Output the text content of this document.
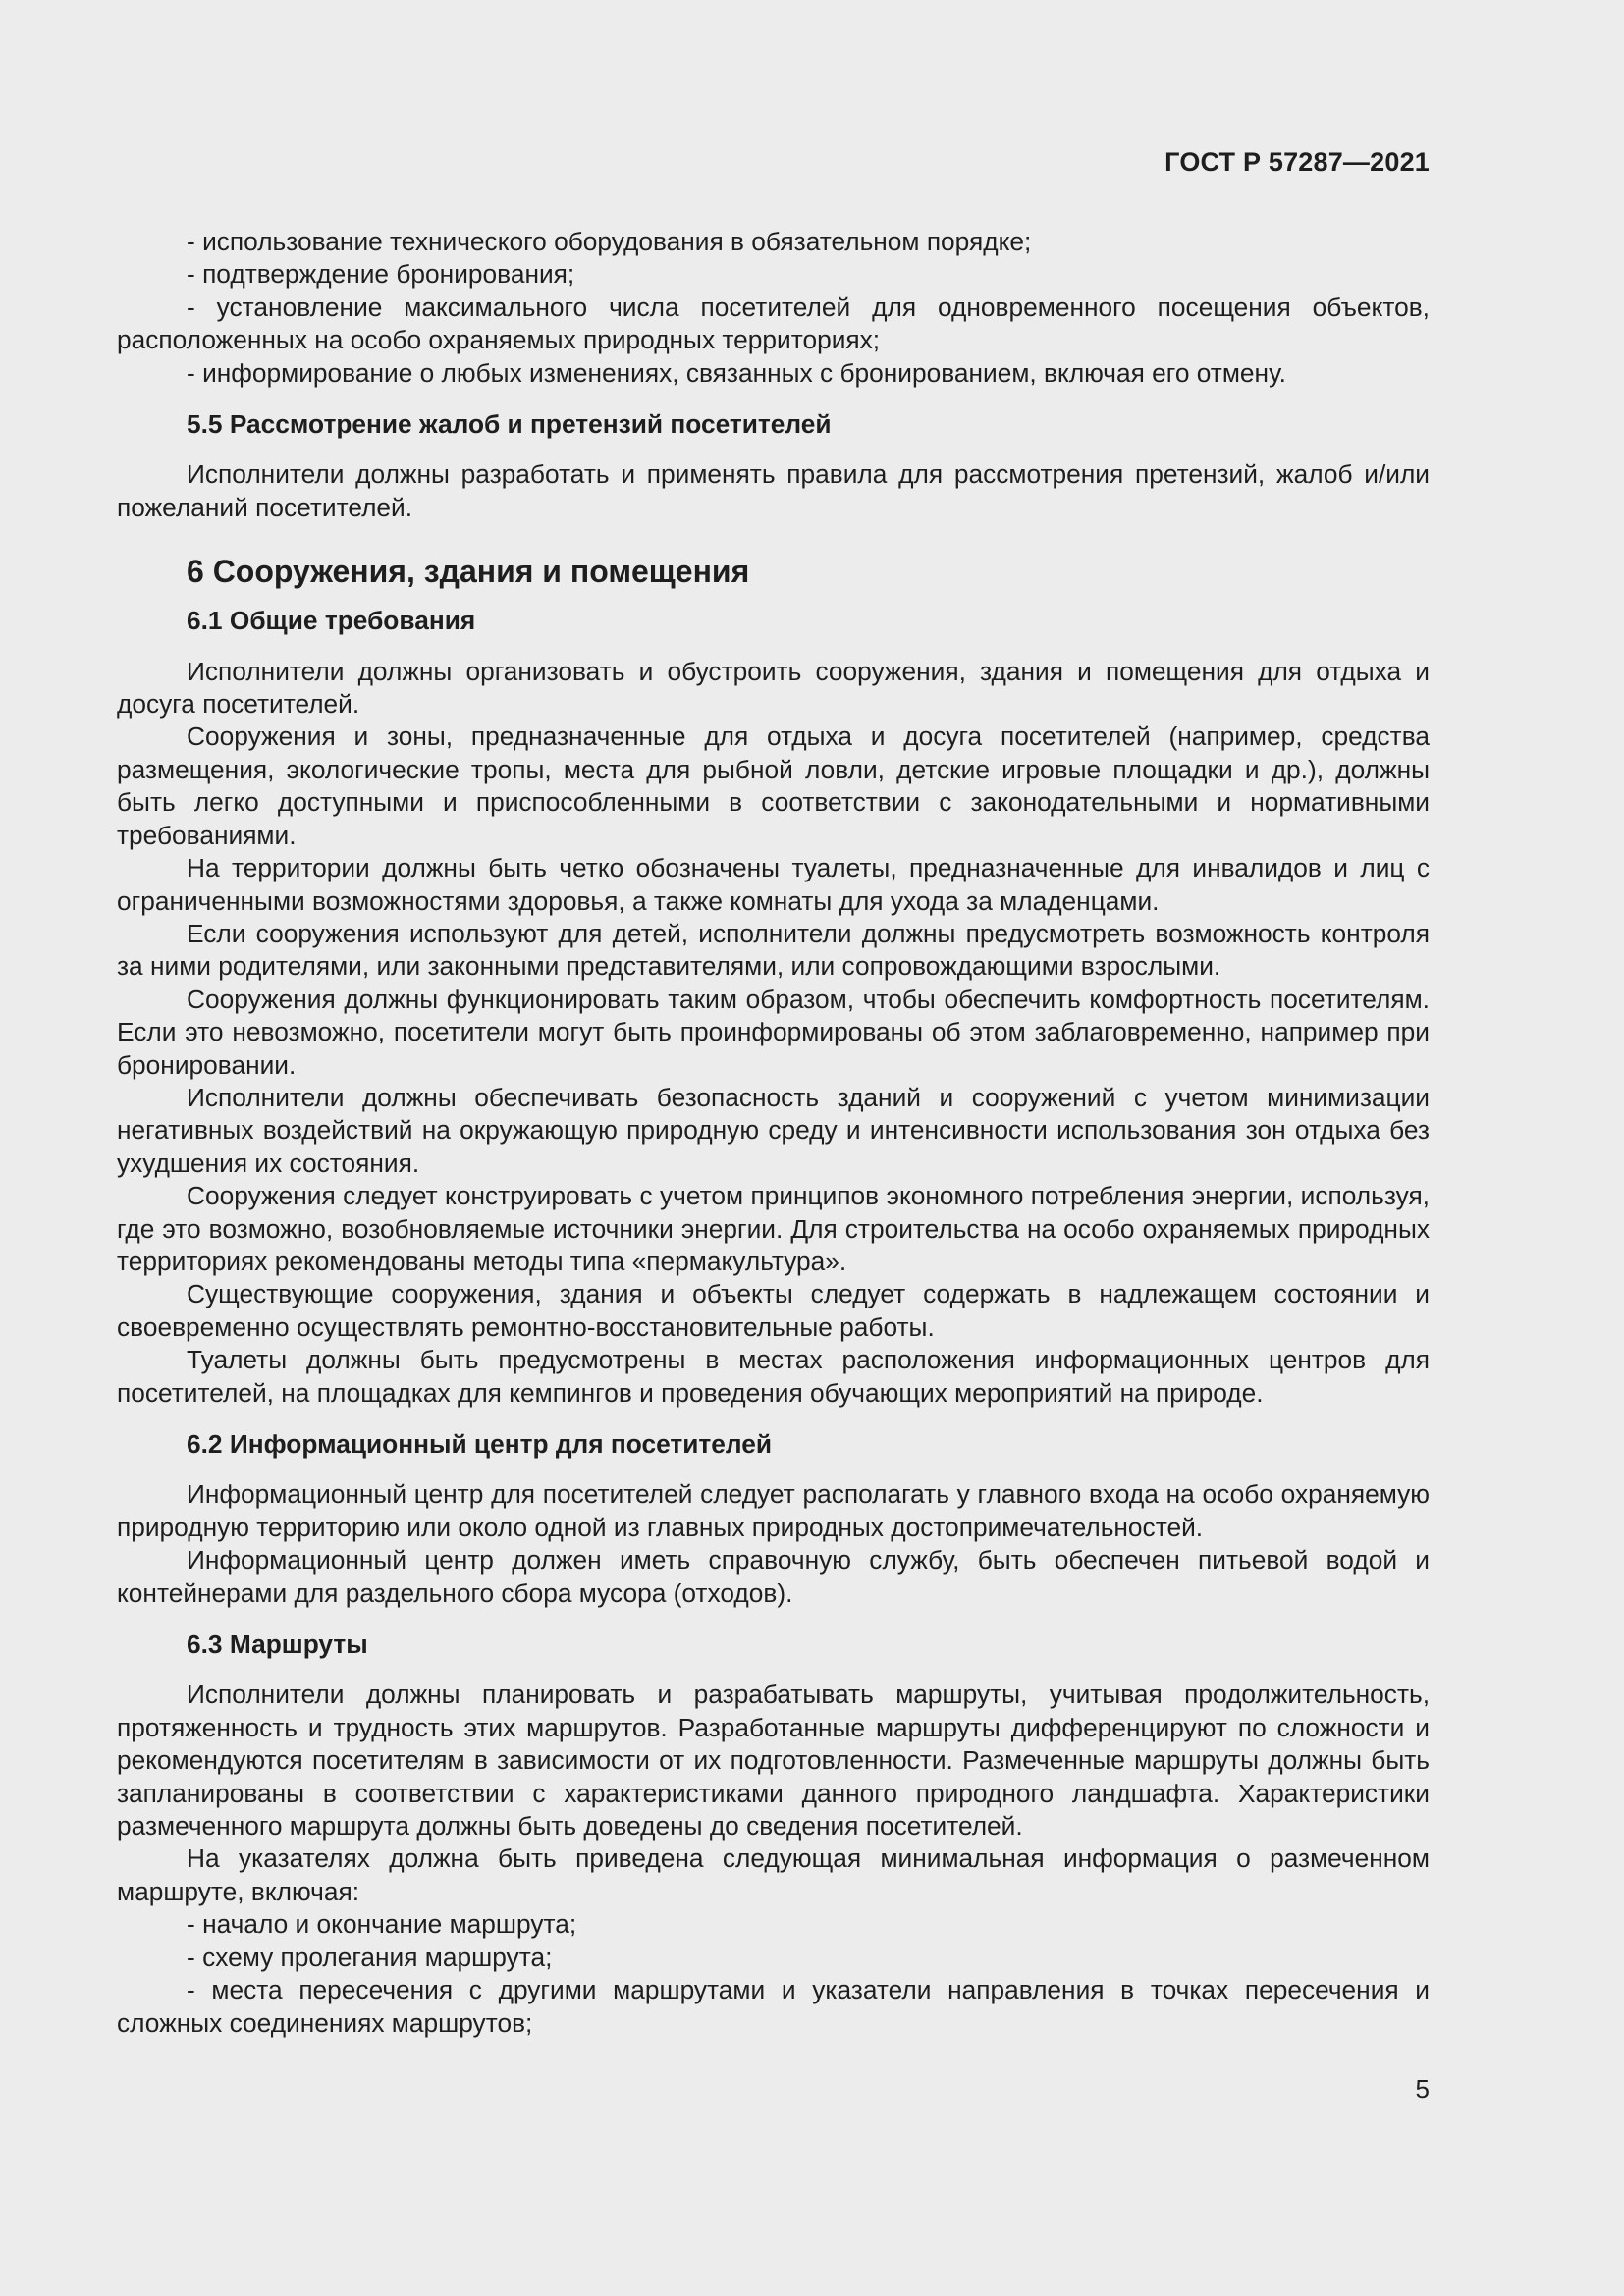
ГОСТ Р 57287—2021

- использование технического оборудования в обязательном порядке;

- подтверждение бронирования;

- установление максимального числа посетителей для одновременного посещения объектов, расположенных на особо охраняемых природных территориях;

- информирование о любых изменениях, связанных с бронированием, включая его отмену.

5.5 Рассмотрение жалоб и претензий посетителей

Исполнители должны разработать и применять правила для рассмотрения претензий, жалоб и/или пожеланий посетителей.

6 Сооружения, здания и помещения
6.1 Общие требования

Исполнители должны организовать и обустроить сооружения, здания и помещения для отдыха и досуга посетителей.

Сооружения и зоны, предназначенные для отдыха и досуга посетителей (например, средства размещения, экологические тропы, места для рыбной ловли, детские игровые площадки и др.), должны быть легко доступными и приспособленными в соответствии с законодательными и нормативными требованиями.

На территории должны быть четко обозначены туалеты, предназначенные для инвалидов и лиц с ограниченными возможностями здоровья, а также комнаты для ухода за младенцами.

Если сооружения используют для детей, исполнители должны предусмотреть возможность контроля за ними родителями, или законными представителями, или сопровождающими взрослыми.

Сооружения должны функционировать таким образом, чтобы обеспечить комфортность посетителям. Если это невозможно, посетители могут быть проинформированы об этом заблаговременно, например при бронировании.

Исполнители должны обеспечивать безопасность зданий и сооружений с учетом минимизации негативных воздействий на окружающую природную среду и интенсивности использования зон отдыха без ухудшения их состояния.

Сооружения следует конструировать с учетом принципов экономного потребления энергии, используя, где это возможно, возобновляемые источники энергии. Для строительства на особо охраняемых природных территориях рекомендованы методы типа «пермакультура».

Существующие сооружения, здания и объекты следует содержать в надлежащем состоянии и своевременно осуществлять ремонтно-восстановительные работы.

Туалеты должны быть предусмотрены в местах расположения информационных центров для посетителей, на площадках для кемпингов и проведения обучающих мероприятий на природе.

6.2 Информационный центр для посетителей

Информационный центр для посетителей следует располагать у главного входа на особо охраняемую природную территорию или около одной из главных природных достопримечательностей.

Информационный центр должен иметь справочную службу, быть обеспечен питьевой водой и контейнерами для раздельного сбора мусора (отходов).

6.3 Маршруты

Исполнители должны планировать и разрабатывать маршруты, учитывая продолжительность, протяженность и трудность этих маршрутов. Разработанные маршруты дифференцируют по сложности и рекомендуются посетителям в зависимости от их подготовленности. Размеченные маршруты должны быть запланированы в соответствии с характеристиками данного природного ландшафта. Характеристики размеченного маршрута должны быть доведены до сведения посетителей.

На указателях должна быть приведена следующая минимальная информация о размеченном маршруте, включая:

- начало и окончание маршрута;

- схему пролегания маршрута;

- места пересечения с другими маршрутами и указатели направления в точках пересечения и сложных соединениях маршрутов;

5
